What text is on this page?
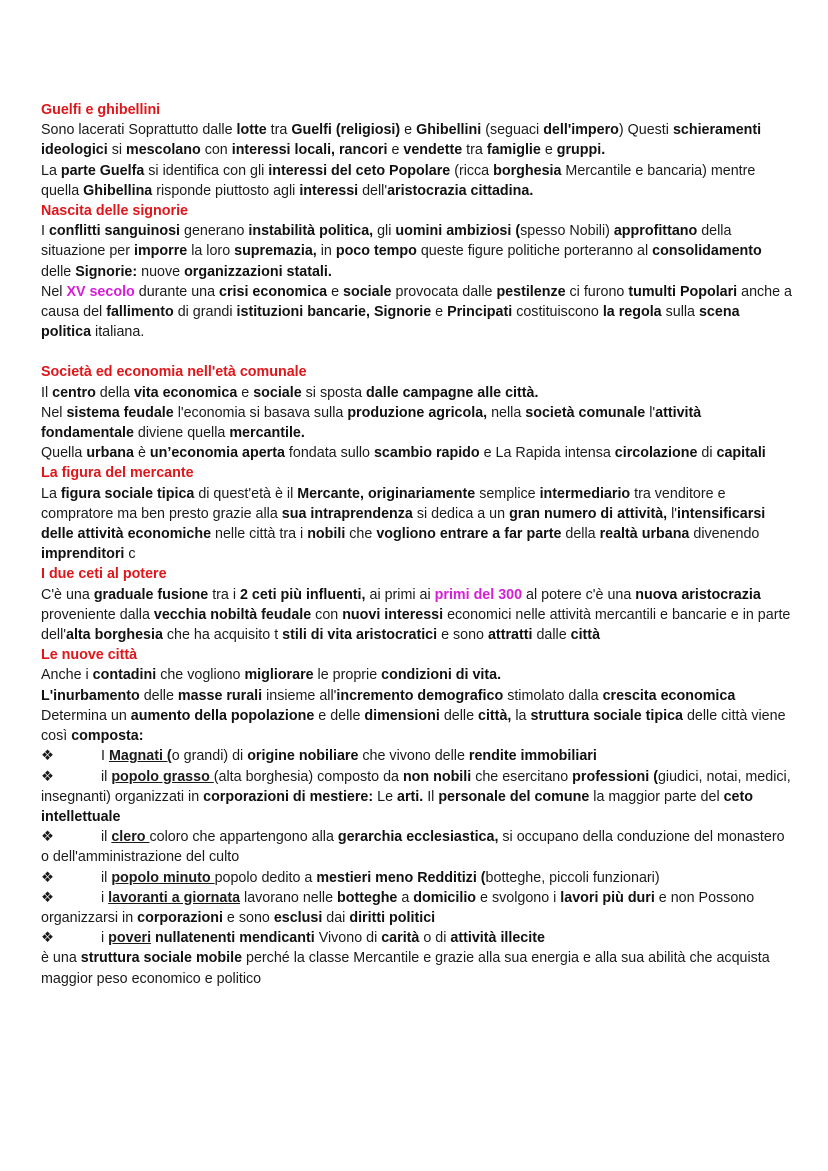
Guelfi e ghibellini

Sono lacerati Soprattutto dalle lotte tra Guelfi (religiosi) e Ghibellini (seguaci dell'impero) Questi schieramenti ideologici si mescolano con interessi locali, rancori e vendette tra famiglie e gruppi.

La parte Guelfa si identifica con gli interessi del ceto Popolare (ricca borghesia Mercantile e bancaria) mentre quella Ghibellina risponde piuttosto agli interessi dell'aristocrazia cittadina.

Nascita delle signorie

I conflitti sanguinosi generano instabilità politica, gli uomini ambiziosi (spesso Nobili) approfittano della situazione per imporre la loro supremazia, in poco tempo queste figure politiche porteranno al consolidamento delle Signorie: nuove organizzazioni statali.

Nel XV secolo durante una crisi economica e sociale provocata dalle pestilenze ci furono tumulti Popolari anche a causa del fallimento di grandi istituzioni bancarie, Signorie e Principati costituiscono la regola sulla scena politica italiana.

Società ed economia nell'età comunale

Il centro della vita economica e sociale si sposta dalle campagne alle città.

Nel sistema feudale l'economia si basava sulla produzione agricola, nella società comunale l'attività fondamentale diviene quella mercantile.

Quella urbana è un’economia aperta fondata sullo scambio rapido e La Rapida intensa circolazione di capitali

La figura del mercante

La figura sociale tipica di quest'età è il Mercante, originariamente semplice intermediario tra venditore e compratore ma ben presto grazie alla sua intraprendenza si dedica a un gran numero di attività, l'intensificarsi delle attività economiche nelle città tra i nobili che vogliono entrare a far parte della realtà urbana divenendo imprenditori c

I due ceti al potere

C'è una graduale fusione tra i 2 ceti più influenti, ai primi ai primi del 300 al potere c'è una nuova aristocrazia proveniente dalla vecchia nobiltà feudale con nuovi interessi economici nelle attività mercantili e bancarie e in parte dell'alta borghesia che ha acquisito t stili di vita aristocratici e sono attratti dalle città

Le nuove città

Anche i contadini che vogliono migliorare le proprie condizioni di vita.

L'inurbamento delle masse rurali insieme all'incremento demografico stimolato dalla crescita economica Determina un aumento della popolazione e delle dimensioni delle città, la struttura sociale tipica delle città viene così composta:

❖	I Magnati (o grandi) di origine nobiliare che vivono delle rendite immobiliari

❖	il popolo grasso (alta borghesia) composto da non nobili che esercitano professioni (giudici, notai, medici, insegnanti) organizzati in corporazioni di mestiere: Le arti. Il personale del comune la maggior parte del ceto intellettuale

❖	il clero coloro che appartengono alla gerarchia ecclesiastica, si occupano della conduzione del monastero o dell'amministrazione del culto

❖	il popolo minuto popolo dedito a mestieri meno Redditizi (botteghe, piccoli funzionari)

❖	i lavoranti a giornata lavorano nelle botteghe a domicilio e svolgono i lavori più duri e non Possono organizzarsi in corporazioni e sono esclusi dai diritti politici

❖	i poveri nullatenenti mendicanti Vivono di carità o di attività illecite

è una struttura sociale mobile perché la classe Mercantile e grazie alla sua energia e alla sua abilità che acquista maggior peso economico e politico
